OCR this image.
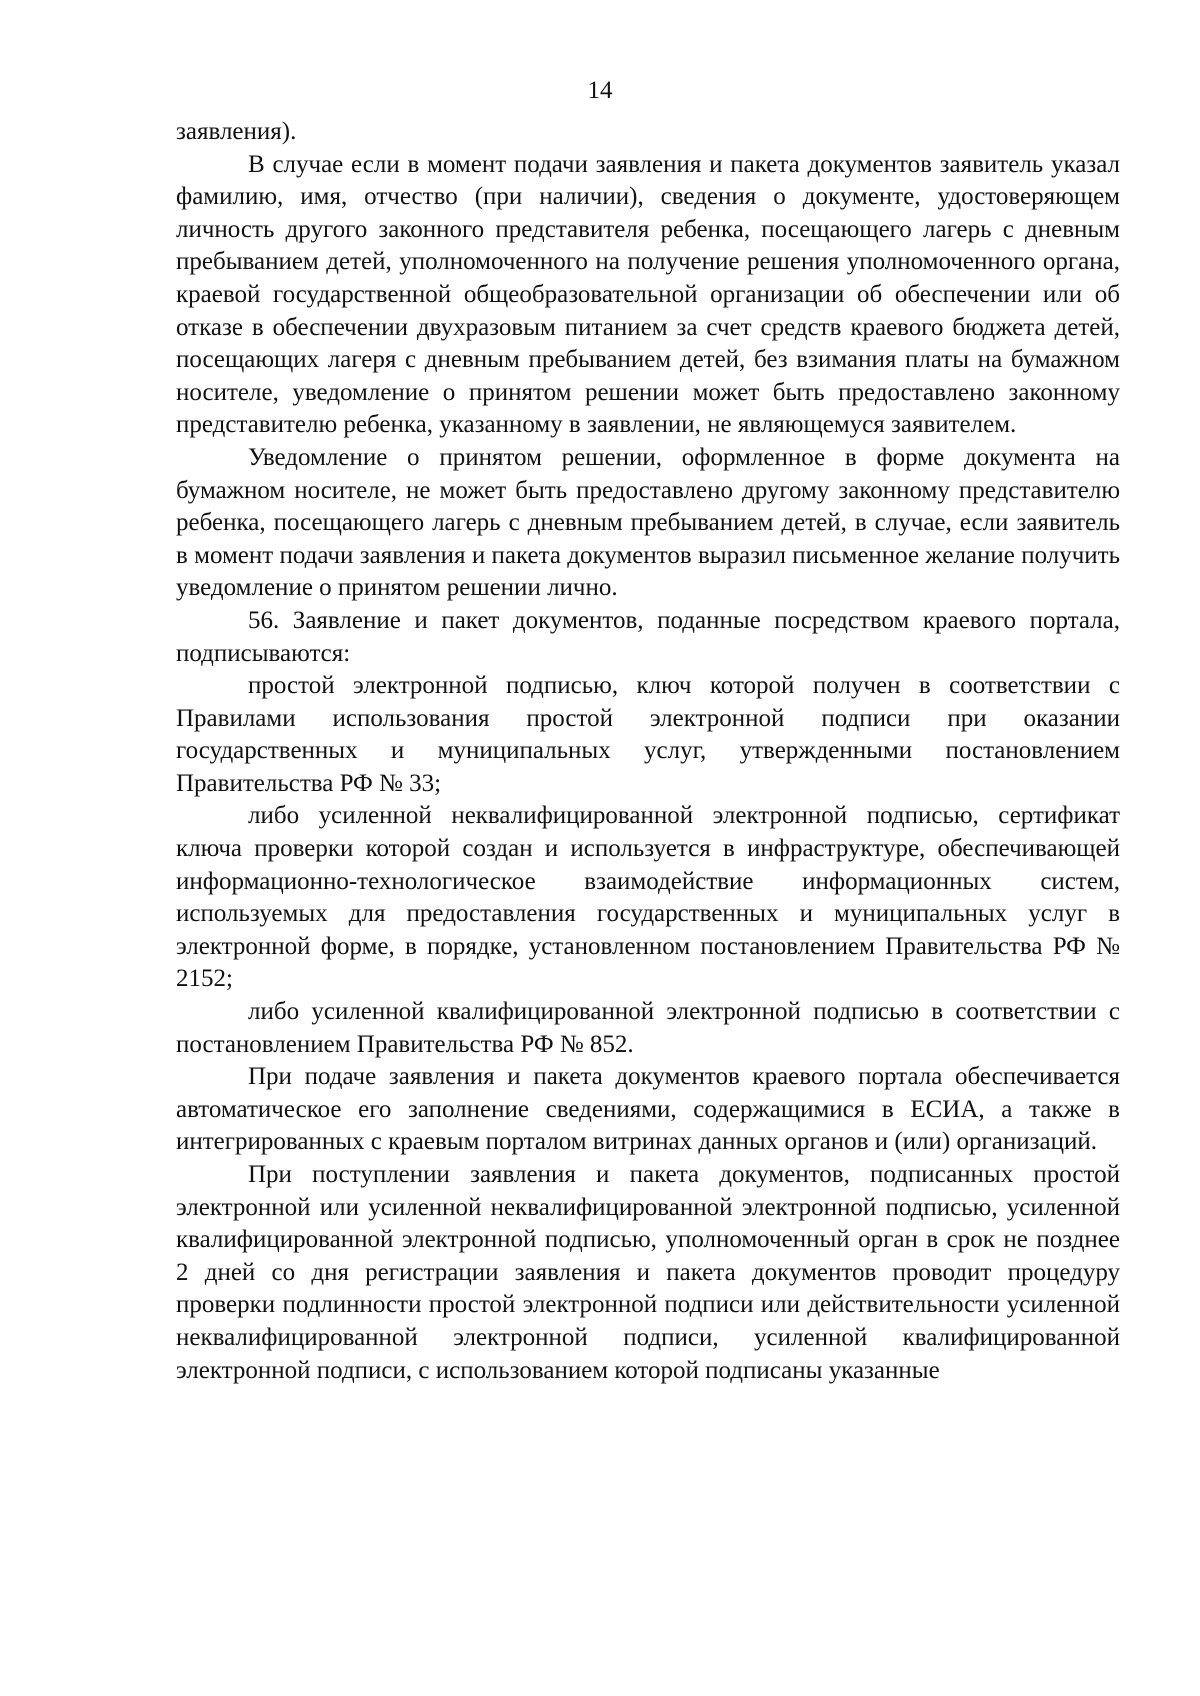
14

заявления).

В случае если в момент подачи заявления и пакета документов заявитель указал фамилию, имя, отчество (при наличии), сведения о документе, удостоверяющем личность другого законного представителя ребенка, посещающего лагерь с дневным пребыванием детей, уполномоченного на получение решения уполномоченного органа, краевой государственной общеобразовательной организации об обеспечении или об отказе в обеспечении двухразовым питанием за счет средств краевого бюджета детей, посещающих лагеря с дневным пребыванием детей, без взимания платы на бумажном носителе, уведомление о принятом решении может быть предоставлено законному представителю ребенка, указанному в заявлении, не являющемуся заявителем.

Уведомление о принятом решении, оформленное в форме документа на бумажном носителе, не может быть предоставлено другому законному представителю ребенка, посещающего лагерь с дневным пребыванием детей, в случае, если заявитель в момент подачи заявления и пакета документов выразил письменное желание получить уведомление о принятом решении лично.

56. Заявление и пакет документов, поданные посредством краевого портала, подписываются:

простой электронной подписью, ключ которой получен в соответствии с Правилами использования простой электронной подписи при оказании государственных и муниципальных услуг, утвержденными постановлением Правительства РФ № 33;

либо усиленной неквалифицированной электронной подписью, сертификат ключа проверки которой создан и используется в инфраструктуре, обеспечивающей информационно-технологическое взаимодействие информационных систем, используемых для предоставления государственных и муниципальных услуг в электронной форме, в порядке, установленном постановлением Правительства РФ № 2152;

либо усиленной квалифицированной электронной подписью в соответствии с постановлением Правительства РФ № 852.

При подаче заявления и пакета документов краевого портала обеспечивается автоматическое его заполнение сведениями, содержащимися в ЕСИА, а также в интегрированных с краевым порталом витринах данных органов и (или) организаций.

При поступлении заявления и пакета документов, подписанных простой электронной или усиленной неквалифицированной электронной подписью, усиленной квалифицированной электронной подписью, уполномоченный орган в срок не позднее 2 дней со дня регистрации заявления и пакета документов проводит процедуру проверки подлинности простой электронной подписи или действительности усиленной неквалифицированной электронной подписи, усиленной квалифицированной электронной подписи, с использованием которой подписаны указанные
